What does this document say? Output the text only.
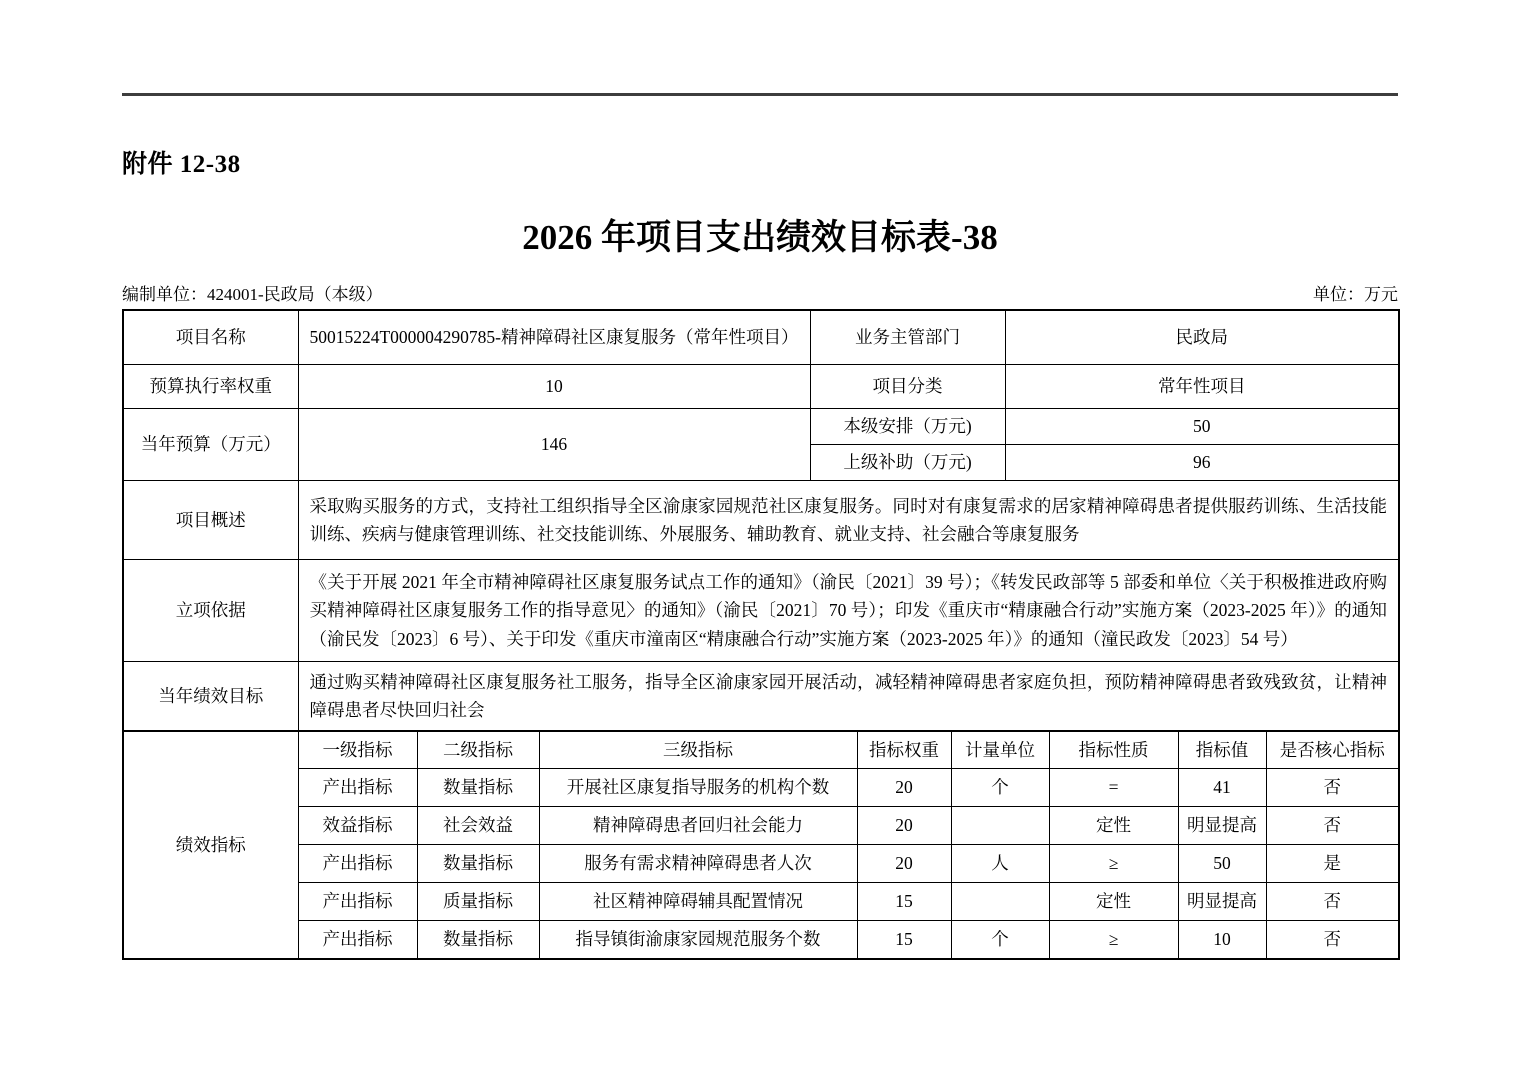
附件 12-38
2026 年项目支出绩效目标表-38
编制单位：424001-民政局（本级）	单位：万元
项目名称	50015224T000004290785-精神障碍社区康复服务（常年性项目）	业务主管部门	民政局
预算执行率权重	10	项目分类	常年性项目
当年预算（万元）	146	本级安排（万元)	50
		上级补助（万元)	96
项目概述	采取购买服务的方式，支持社工组织指导全区渝康家园规范社区康复服务。同时对有康复需求的居家精神障碍患者提供服药训练、生活技能训练、疾病与健康管理训练、社交技能训练、外展服务、辅助教育、就业支持、社会融合等康复服务		
立项依据	《关于开展 2021 年全市精神障碍社区康复服务试点工作的通知》（渝民〔2021〕39 号）；《转发民政部等 5 部委和单位〈关于积极推进政府购买精神障碍社区康复服务工作的指导意见〉的通知》（渝民〔2021〕70 号）；印发《重庆市“精康融合行动”实施方案（2023-2025 年）》的通知（渝民发〔2023〕6 号）、关于印发《重庆市潼南区“精康融合行动”实施方案（2023-2025 年）》的通知（潼民政发〔2023〕54 号）		
当年绩效目标	通过购买精神障碍社区康复服务社工服务，指导全区渝康家园开展活动，减轻精神障碍患者家庭负担，预防精神障碍患者致残致贫，让精神障碍患者尽快回归社会		
绩效指标	一级指标	二级指标	三级指标	指标权重	计量单位	指标性质	指标值	是否核心指标
	产出指标	数量指标	开展社区康复指导服务的机构个数	20	个	=	41	否
	效益指标	社会效益	精神障碍患者回归社会能力	20		定性	明显提高	否
	产出指标	数量指标	服务有需求精神障碍患者人次	20	人	≥	50	是
	产出指标	质量指标	社区精神障碍辅具配置情况	15		定性	明显提高	否
	产出指标	数量指标	指导镇街渝康家园规范服务个数	15	个	≥	10	否
